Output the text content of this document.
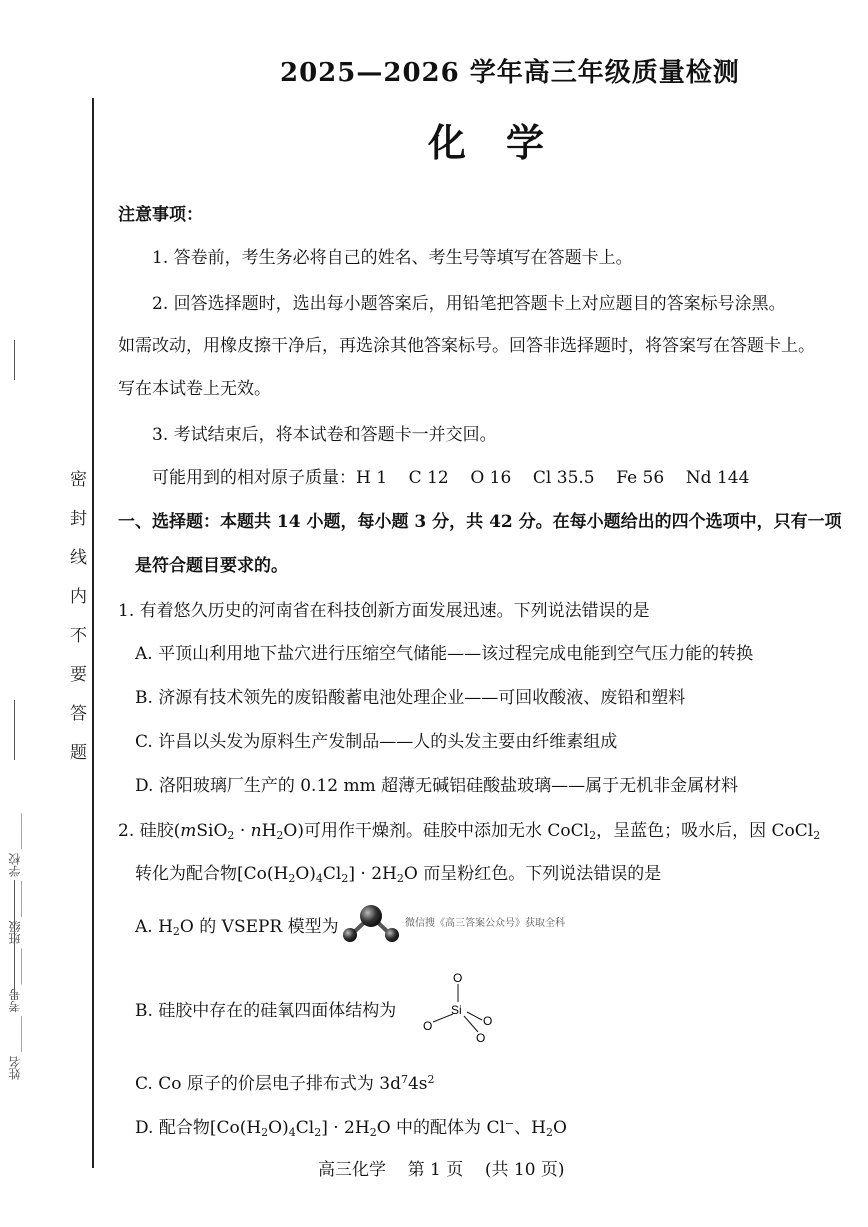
密封线内不要答题
姓名 ______ 考号 ______ 班级 ______ 学校 ______
2025—2026 学年高三年级质量检测
化学
注意事项：
1. 答卷前，考生务必将自己的姓名、考生号等填写在答题卡上。
2. 回答选择题时，选出每小题答案后，用铅笔把答题卡上对应题目的答案标号涂黑。
如需改动，用橡皮擦干净后，再选涂其他答案标号。回答非选择题时，将答案写在答题卡上。
写在本试卷上无效。
3. 考试结束后，将本试卷和答题卡一并交回。
可能用到的相对原子质量：H 1    C 12    O 16    Cl 35.5    Fe 56    Nd 144
一、选择题：本题共 14 小题，每小题 3 分，共 42 分。在每小题给出的四个选项中，只有一项
是符合题目要求的。
1. 有着悠久历史的河南省在科技创新方面发展迅速。下列说法错误的是
A. 平顶山利用地下盐穴进行压缩空气储能——该过程完成电能到空气压力能的转换
B. 济源有技术领先的废铅酸蓄电池处理企业——可回收酸液、废铅和塑料
C. 许昌以头发为原料生产发制品——人的头发主要由纤维素组成
D. 洛阳玻璃厂生产的 0.12 mm 超薄无碱铝硅酸盐玻璃——属于无机非金属材料
2. 硅胶(mSiO$_2$ · $nH_2O$)可用作干燥剂。硅胶中添加无水 CoCl$_2$，呈蓝色；吸水后，因 CoCl$_2$
转化为配合物$[Co(H_2O)_4Cl_2] \cdot 2H_2O$ 而呈粉红色。下列说法错误的是
A. $H_2O$ 的 VSEPR 模型为	微信搜《高三答案公众号》获取全科
B. 硅胶中存在的硅氧四面体结构为
O
Si
O	O
O
C. Co 原子的价层电子排布式为 $3d^74s^2$
D. 配合物$[Co(H_2O)_4Cl_2] \cdot 2H_2O$ 中的配体为 Cl−、$H_2O$
高三化学    第 1 页    (共 10 页)
